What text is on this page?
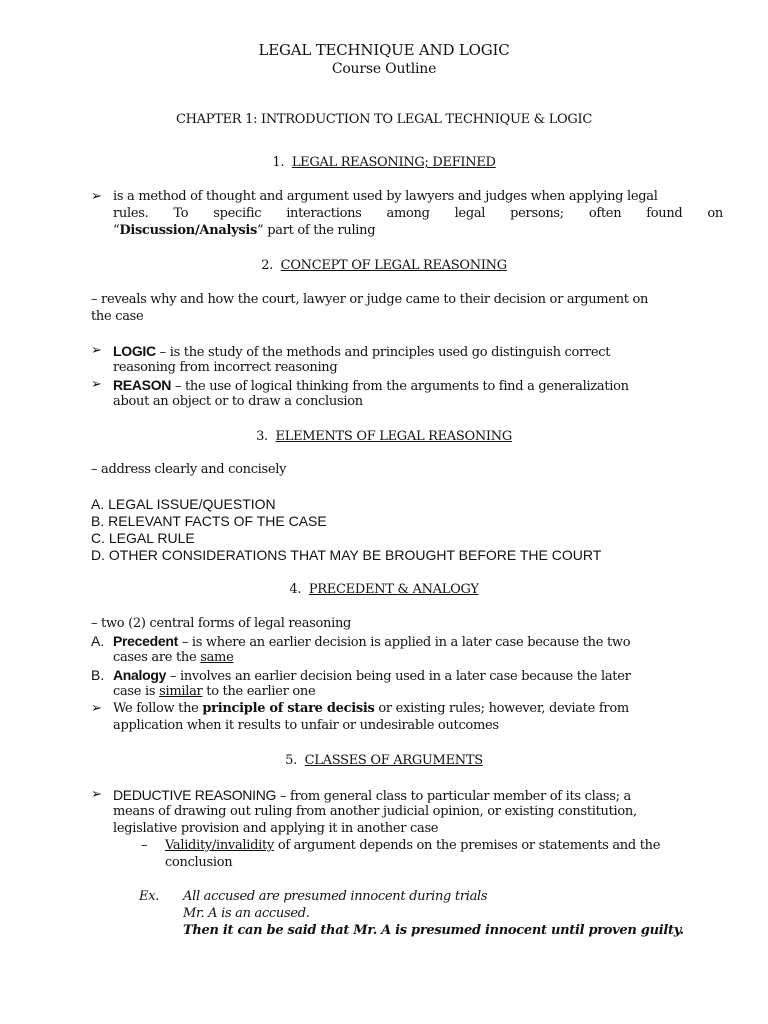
LEGAL TECHNIQUE AND LOGIC
Course Outline
CHAPTER 1: INTRODUCTION TO LEGAL TECHNIQUE & LOGIC
1. LEGAL REASONING; DEFINED
➢ is a method of thought and argument used by lawyers and judges when applying legal
rules. To specific interactions among legal persons; often found on
“Discussion/Analysis” part of the ruling
2. CONCEPT OF LEGAL REASONING
– reveals why and how the court, lawyer or judge came to their decision or argument on
the case
➢ LOGIC – is the study of the methods and principles used go distinguish correct
reasoning from incorrect reasoning
➢ REASON – the use of logical thinking from the arguments to find a generalization
about an object or to draw a conclusion
3. ELEMENTS OF LEGAL REASONING
– address clearly and concisely
A. LEGAL ISSUE/QUESTION
B. RELEVANT FACTS OF THE CASE
C. LEGAL RULE
D. OTHER CONSIDERATIONS THAT MAY BE BROUGHT BEFORE THE COURT
4. PRECEDENT & ANALOGY
– two (2) central forms of legal reasoning
A. Precedent – is where an earlier decision is applied in a later case because the two
cases are the same
B. Analogy – involves an earlier decision being used in a later case because the later
case is similar to the earlier one
➢ We follow the principle of stare decisis or existing rules; however, deviate from
application when it results to unfair or undesirable outcomes
5. CLASSES OF ARGUMENTS
➢ DEDUCTIVE REASONING – from general class to particular member of its class; a
means of drawing out ruling from another judicial opinion, or existing constitution,
legislative provision and applying it in another case
– Validity/invalidity of argument depends on the premises or statements and the
conclusion
Ex. All accused are presumed innocent during trials
Mr. A is an accused.
Then it can be said that Mr. A is presumed innocent until proven guilty.
